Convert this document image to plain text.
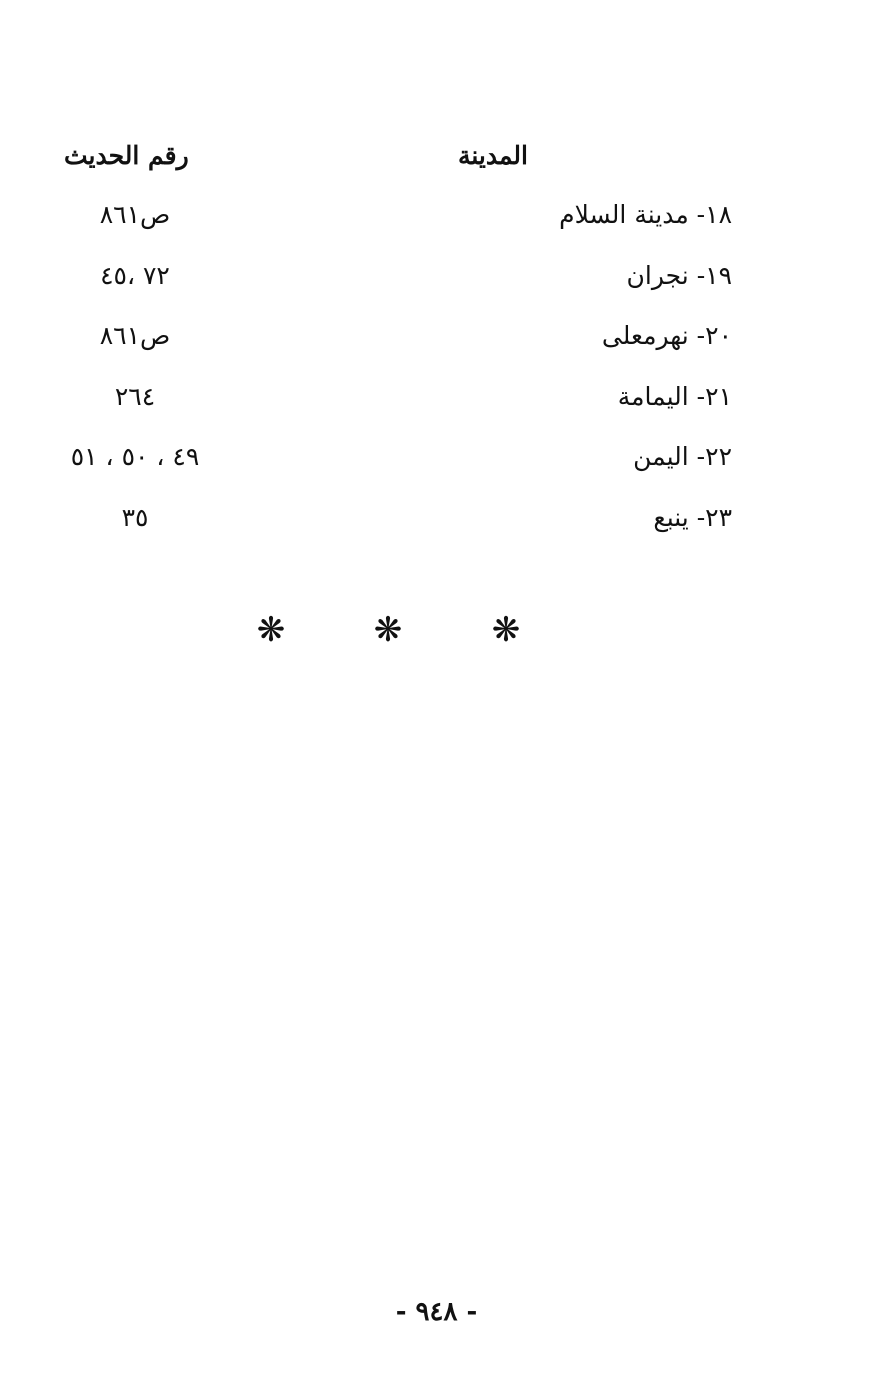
المدينة
رقم الحديث
١٨- مدينة السلام
ص٨٦١
١٩- نجران
٧٢ ،٤٥
٢٠- نهرمعلى
ص٨٦١
٢١- اليمامة
٢٦٤
٢٢- اليمن
٤٩ ، ٥٠ ، ٥١
٢٣- ينبع
٣٥
❋	❋	❋
- ٩٤٨ -
